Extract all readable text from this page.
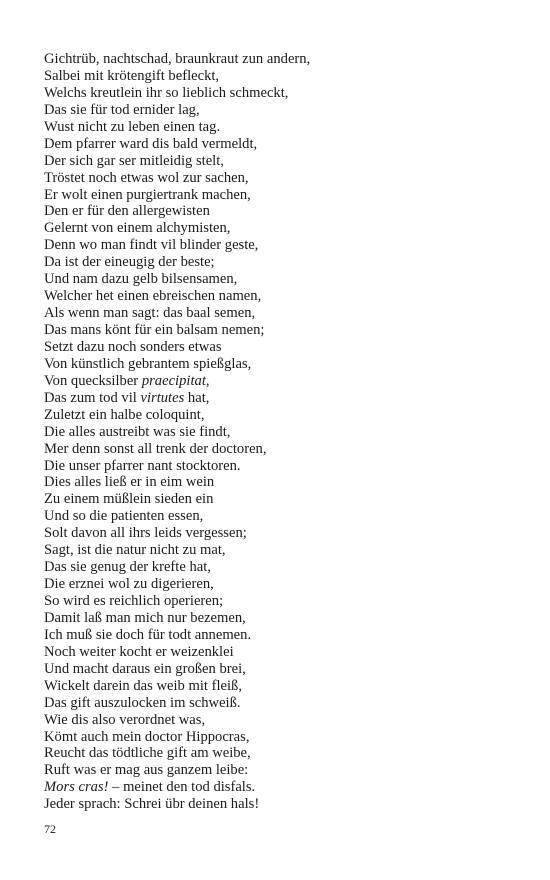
Gichtrüb, nachtschad, braunkraut zun andern,
Salbei mit krötengift befleckt,
Welchs kreutlein ihr so lieblich schmeckt,
Das sie für tod ernider lag,
Wust nicht zu leben einen tag.
Dem pfarrer ward dis bald vermeldt,
Der sich gar ser mitleidig stelt,
Tröstet noch etwas wol zur sachen,
Er wolt einen purgiertrank machen,
Den er für den allergewisten
Gelernt von einem alchymisten,
Denn wo man findt vil blinder geste,
Da ist der eineugig der beste;
Und nam dazu gelb bilsensamen,
Welcher het einen ebreischen namen,
Als wenn man sagt: das baal semen,
Das mans könt für ein balsam nemen;
Setzt dazu noch sonders etwas
Von künstlich gebrantem spießglas,
Von quecksilber praecipitat,
Das zum tod vil virtutes hat,
Zuletzt ein halbe coloquint,
Die alles austreibt was sie findt,
Mer denn sonst all trenk der doctoren,
Die unser pfarrer nant stocktoren.
Dies alles ließ er in eim wein
Zu einem müßlein sieden ein
Und so die patienten essen,
Solt davon all ihrs leids vergessen;
Sagt, ist die natur nicht zu mat,
Das sie genug der krefte hat,
Die erznei wol zu digerieren,
So wird es reichlich operieren;
Damit laß man mich nur bezemen,
Ich muß sie doch für todt annemen.
Noch weiter kocht er weizenklei
Und macht daraus ein großen brei,
Wickelt darein das weib mit fleiß,
Das gift auszulocken im schweiß.
Wie dis also verordnet was,
Kömt auch mein doctor Hippocras,
Reucht das tödtliche gift am weibe,
Ruft was er mag aus ganzem leibe:
Mors cras! – meinet den tod disfals.
Jeder sprach: Schrei übr deinen hals!
72
